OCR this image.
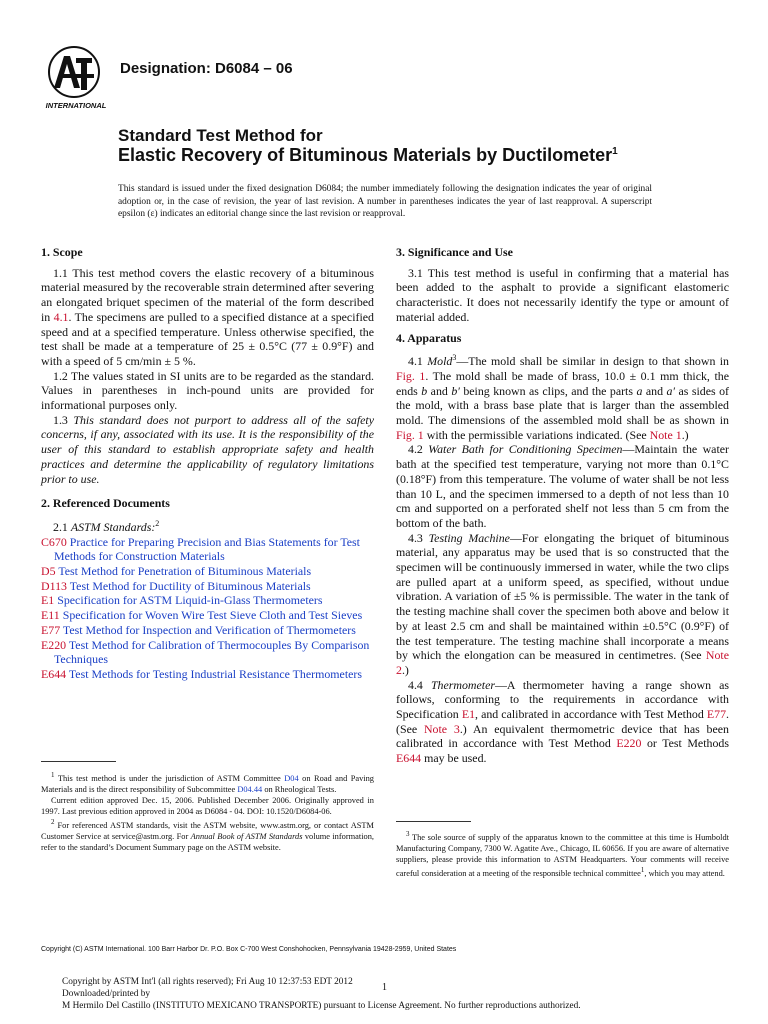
INTERNATIONAL
Designation: D6084 – 06
Standard Test Method for
Elastic Recovery of Bituminous Materials by Ductilometer$^1$
This standard is issued under the fixed designation D6084; the number immediately following the designation indicates the year of original adoption or, in the case of revision, the year of last revision. A number in parentheses indicates the year of last reapproval. A superscript epsilon (ε) indicates an editorial change since the last revision or reapproval.
1. Scope
1.1 This test method covers the elastic recovery of a bituminous material measured by the recoverable strain determined after severing an elongated briquet specimen of the material of the form described in 4.1. The specimens are pulled to a specified distance at a specified speed and at a specified temperature. Unless otherwise specified, the test shall be made at a temperature of 25 ± 0.5°C (77 ± 0.9°F) and with a speed of 5 cm/min ± 5 %.
1.2 The values stated in SI units are to be regarded as the standard. Values in parentheses in inch-pound units are provided for informational purposes only.
1.3 This standard does not purport to address all of the safety concerns, if any, associated with its use. It is the responsibility of the user of this standard to establish appropriate safety and health practices and determine the applicability of regulatory limitations prior to use.
2. Referenced Documents
2.1 ASTM Standards:$^2$
C670 Practice for Preparing Precision and Bias Statements for Test Methods for Construction Materials
D5 Test Method for Penetration of Bituminous Materials
D113 Test Method for Ductility of Bituminous Materials
E1 Specification for ASTM Liquid-in-Glass Thermometers
E11 Specification for Woven Wire Test Sieve Cloth and Test Sieves
E77 Test Method for Inspection and Verification of Thermometers
E220 Test Method for Calibration of Thermocouples By Comparison Techniques
E644 Test Methods for Testing Industrial Resistance Thermometers
3. Significance and Use
3.1 This test method is useful in confirming that a material has been added to the asphalt to provide a significant elastomeric characteristic. It does not necessarily identify the type or amount of material added.
4. Apparatus
4.1 Mold$^3$—The mold shall be similar in design to that shown in Fig. 1. The mold shall be made of brass, 10.0 ± 0.1 mm thick, the ends b and b′ being known as clips, and the parts a and a′ as sides of the mold, with a brass base plate that is larger than the assembled mold. The dimensions of the assembled mold shall be as shown in Fig. 1 with the permissible variations indicated. (See Note 1.)
4.2 Water Bath for Conditioning Specimen—Maintain the water bath at the specified test temperature, varying not more than 0.1°C (0.18°F) from this temperature. The volume of water shall be not less than 10 L, and the specimen immersed to a depth of not less than 10 cm and supported on a perforated shelf not less than 5 cm from the bottom of the bath.
4.3 Testing Machine—For elongating the briquet of bituminous material, any apparatus may be used that is so constructed that the specimen will be continuously immersed in water, while the two clips are pulled apart at a uniform speed, as specified, without undue vibration. A variation of ±5 % is permissible. The water in the tank of the testing machine shall cover the specimen both above and below it by at least 2.5 cm and shall be maintained within ±0.5°C (0.9°F) of the test temperature. The testing machine shall incorporate a means by which the elongation can be measured in centimetres. (See Note 2.)
4.4 Thermometer—A thermometer having a range shown as follows, conforming to the requirements in accordance with Specification E1, and calibrated in accordance with Test Method E77. (See Note 3.) An equivalent thermometric device that has been calibrated in accordance with Test Method E220 or Test Methods E644 may be used.
$^1$ This test method is under the jurisdiction of ASTM Committee D04 on Road and Paving Materials and is the direct responsibility of Subcommittee D04.44 on Rheological Tests.
Current edition approved Dec. 15, 2006. Published December 2006. Originally approved in 1997. Last previous edition approved in 2004 as D6084 - 04. DOI: 10.1520/D6084-06.
$^2$ For referenced ASTM standards, visit the ASTM website, www.astm.org, or contact ASTM Customer Service at service@astm.org. For Annual Book of ASTM Standards volume information, refer to the standard’s Document Summary page on the ASTM website.
$^3$ The sole source of supply of the apparatus known to the committee at this time is Humboldt Manufacturing Company, 7300 W. Agatite Ave., Chicago, IL 60656. If you are aware of alternative suppliers, please provide this information to ASTM Headquarters. Your comments will receive careful consideration at a meeting of the responsible technical committee$^1$, which you may attend.
Copyright (C) ASTM International. 100 Barr Harbor Dr. P.O. Box C-700 West Conshohocken, Pennsylvania 19428-2959, United States
Copyright by ASTM Int'l (all rights reserved); Fri Aug 10 12:37:53 EDT 2012
Downloaded/printed by
M Hermilo Del Castillo (INSTITUTO MEXICANO TRANSPORTE) pursuant to License Agreement. No further reproductions authorized.
1
